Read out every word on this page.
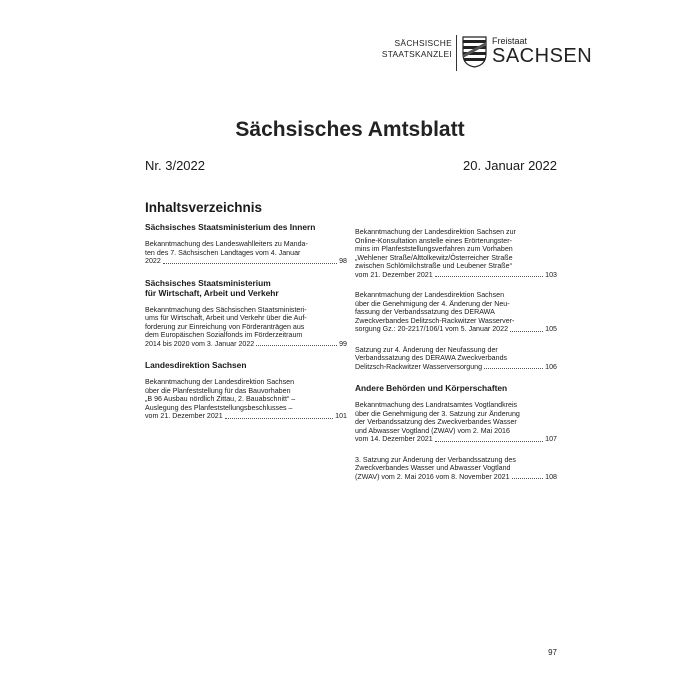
SÄCHSISCHE
STAATSKANZLEI
Freistaat
SACHSEN
Sächsisches Amtsblatt
Nr. 3/2022	20. Januar 2022
Inhaltsverzeichnis
Sächsisches Staatsministerium des Innern
Bekanntmachung des Landeswahlleiters zu Manda-
ten des 7. Sächsischen Landtages vom 4. Januar
2022	98
Sächsisches Staatsministerium
für Wirtschaft, Arbeit und Verkehr
Bekanntmachung des Sächsischen Staatsministeri-
ums für Wirtschaft, Arbeit und Verkehr über die Auf-
forderung zur Einreichung von Förderanträgen aus
dem Europäischen Sozialfonds im Förderzeitraum
2014 bis 2020 vom 3. Januar 2022	99
Landesdirektion Sachsen
Bekanntmachung der Landesdirektion Sachsen
über die Planfeststellung für das Bauvorhaben
„B 96 Ausbau nördlich Zittau, 2. Bauabschnitt“ –
Auslegung des Planfeststellungsbeschlusses –
vom 21. Dezember 2021	101
Bekanntmachung der Landesdirektion Sachsen zur
Online-Konsultation anstelle eines Erörterungster-
mins im Planfeststellungsverfahren zum Vorhaben
„Wehlener Straße/Alttolkewitz/Österreicher Straße
zwischen Schlömilchstraße und Leubener Straße“
vom 21. Dezember 2021	103
Bekanntmachung der Landesdirektion Sachsen
über die Genehmigung der 4. Änderung der Neu-
fassung der Verbandssatzung des DERAWA
Zweckverbandes Delitzsch-Rackwitzer Wasserver-
sorgung Gz.: 20-2217/106/1 vom 5. Januar 2022	105
Satzung zur 4. Änderung der Neufassung der
Verbandssatzung des DERAWA Zweckverbands
Delitzsch-Rackwitzer Wasserversorgung	106
Andere Behörden und Körperschaften
Bekanntmachung des Landratsamtes Vogtlandkreis
über die Genehmigung der 3. Satzung zur Änderung
der Verbandssatzung des Zweckverbandes Wasser
und Abwasser Vogtland (ZWAV) vom 2. Mai 2016
vom 14. Dezember 2021	107
3. Satzung zur Änderung der Verbandssatzung des
Zweckverbandes Wasser und Abwasser Vogtland
(ZWAV) vom 2. Mai 2016 vom 8. November 2021	108
97
